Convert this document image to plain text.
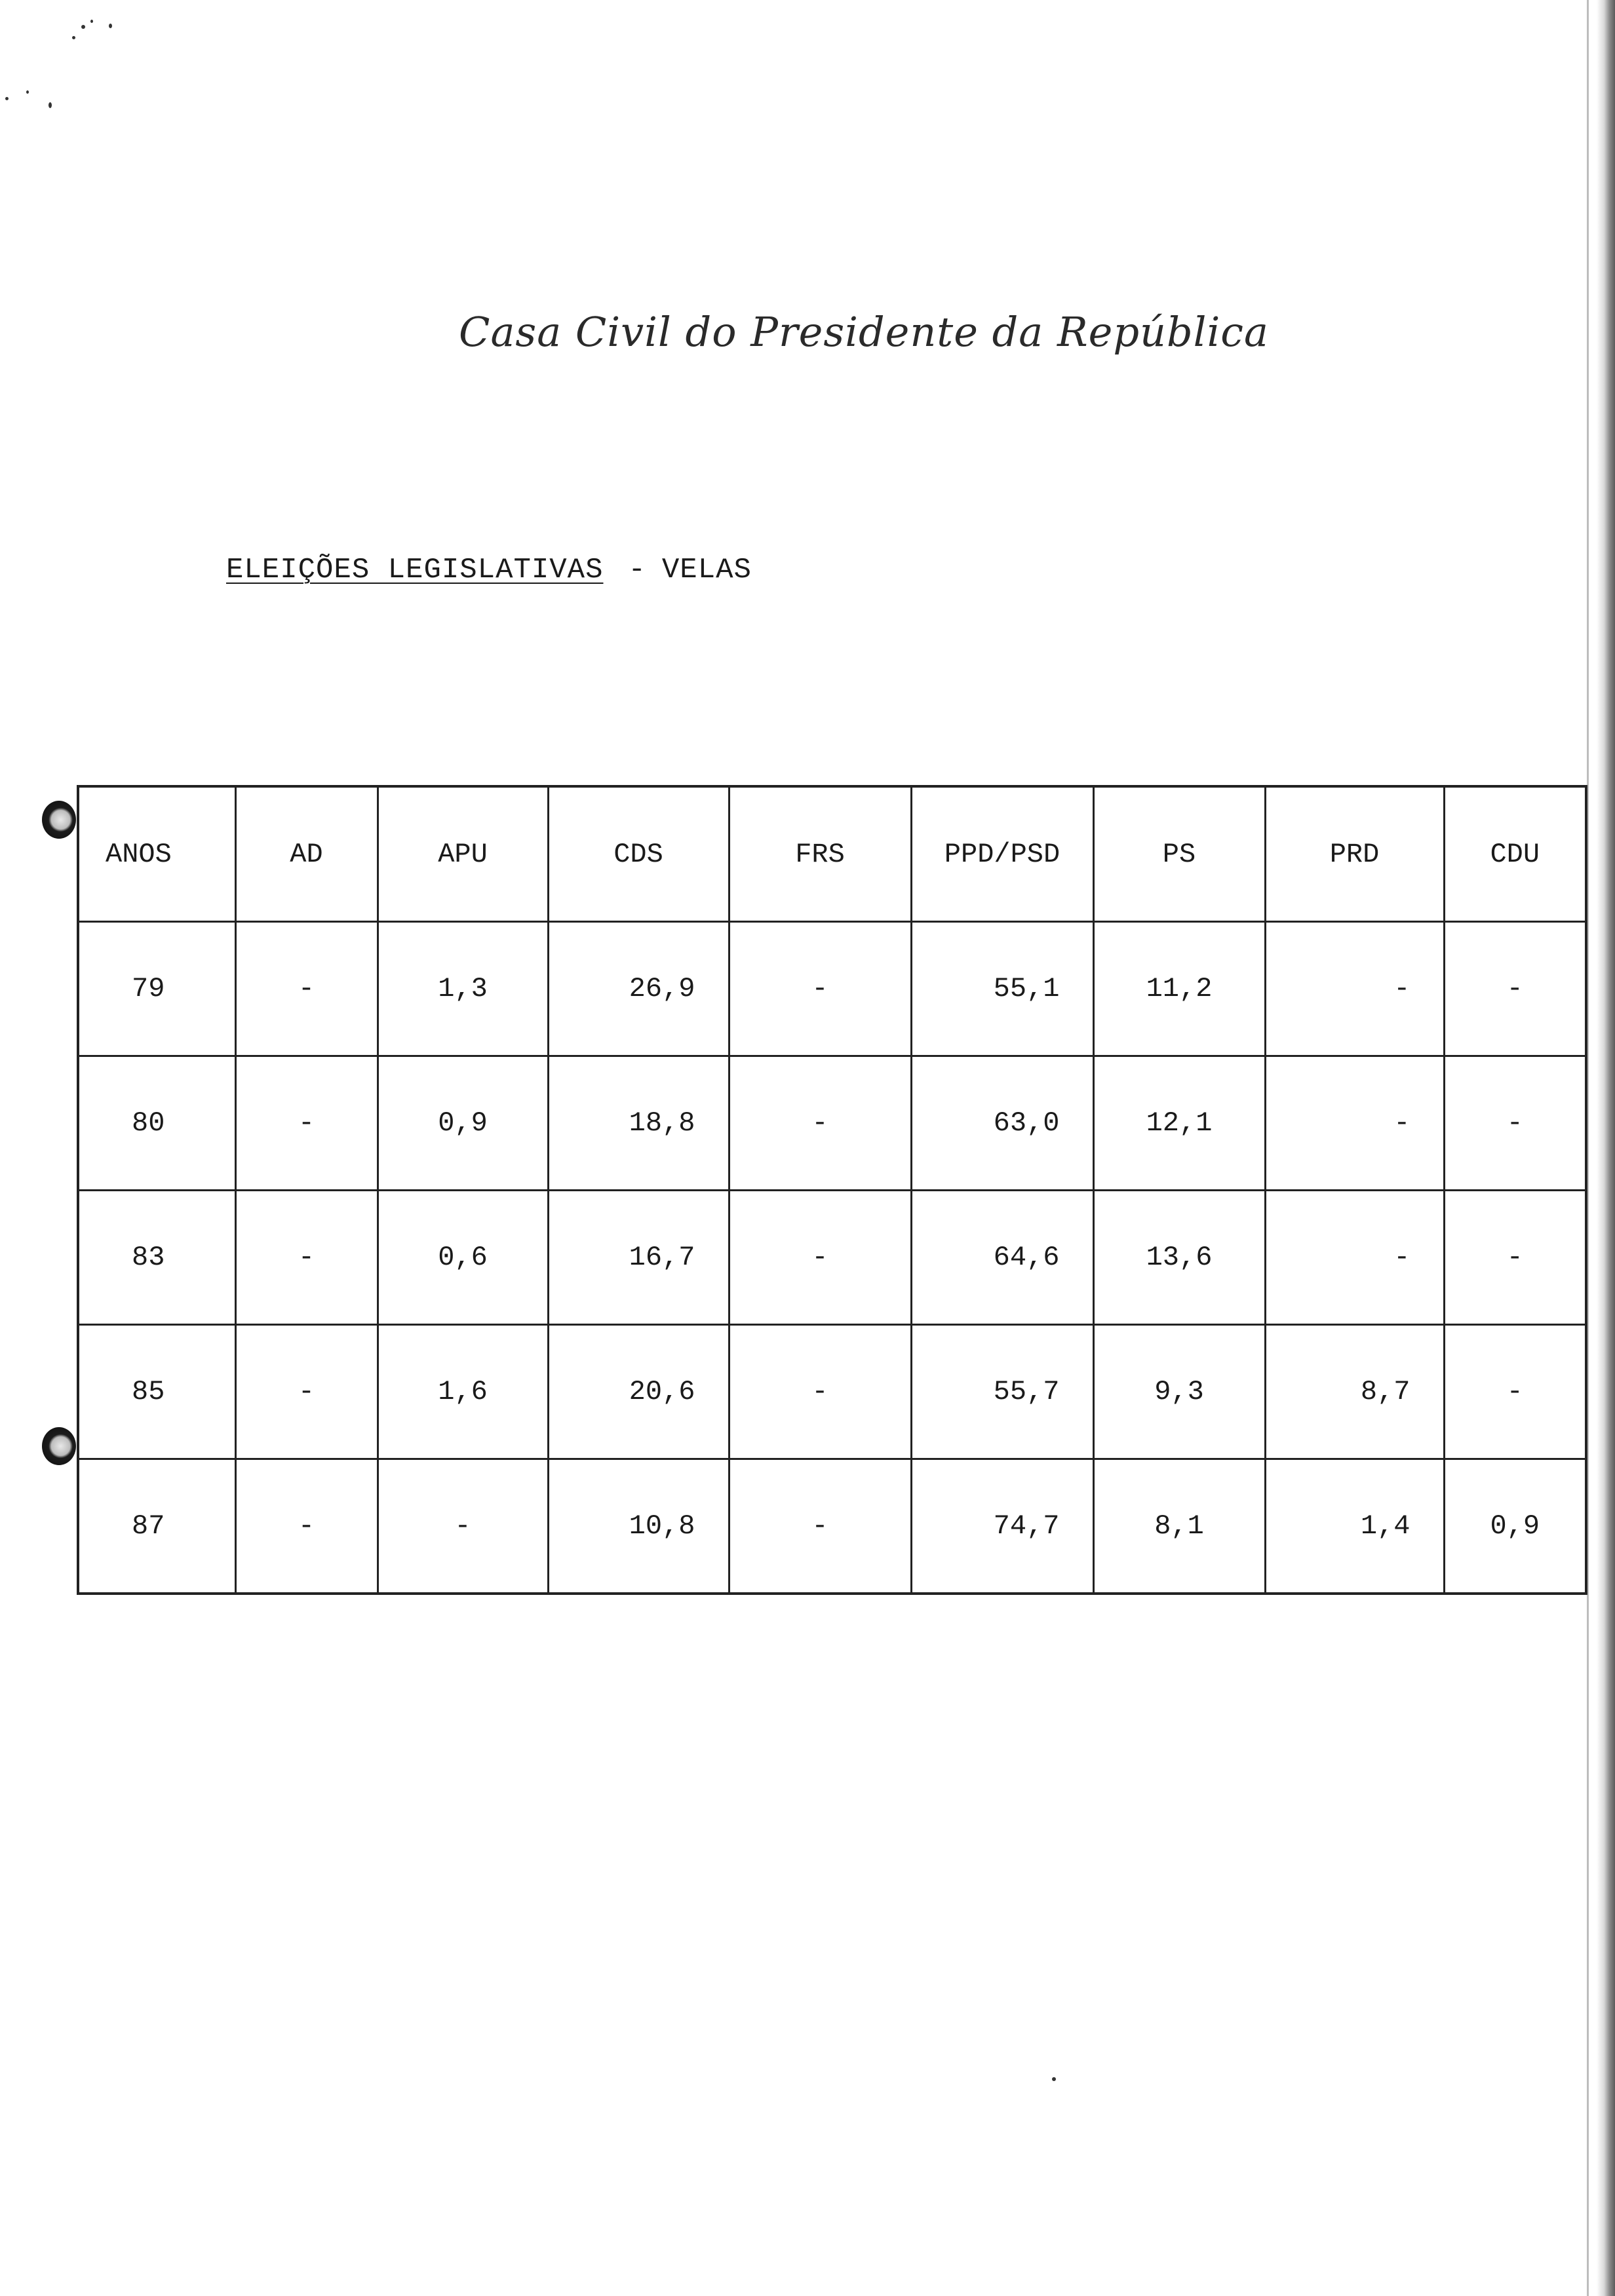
Casa Civil do Presidente da República
ELEIÇÕES LEGISLATIVAS - VELAS
ANOS	AD	APU	CDS	FRS	PPD/PSD	PS	PRD	CDU
79	-	1,3	26,9	-	55,1	11,2	-	-
80	-	0,9	18,8	-	63,0	12,1	-	-
83	-	0,6	16,7	-	64,6	13,6	-	-
85	-	1,6	20,6	-	55,7	9,3	8,7	-
87	-	-	10,8	-	74,7	8,1	1,4	0,9
